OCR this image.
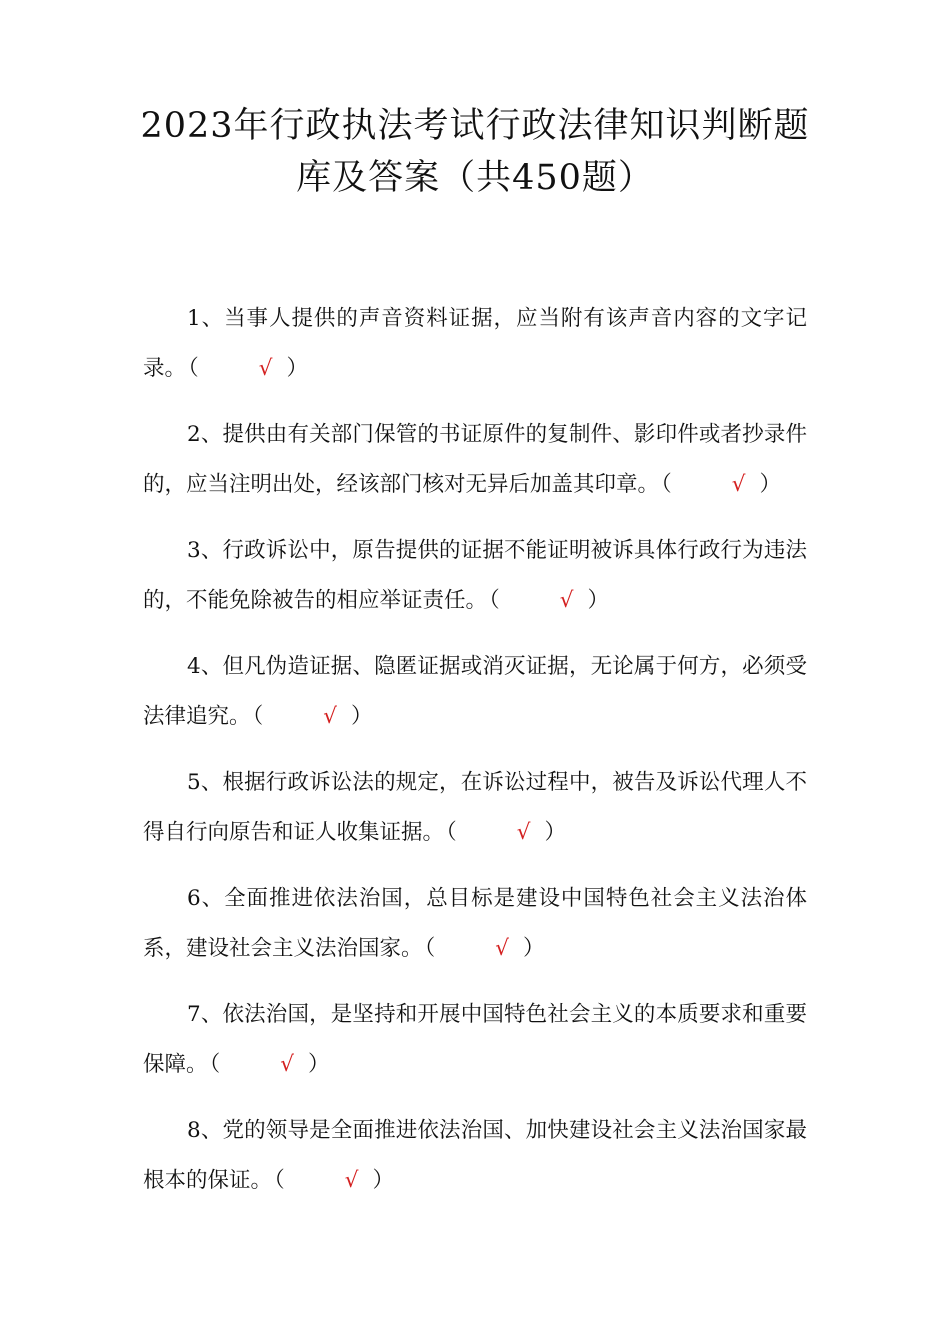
2023年行政执法考试行政法律知识判断题
库及答案（共450题）

1、当事人提供的声音资料证据，应当附有该声音内容的文字记录。（	√ ）

2、提供由有关部门保管的书证原件的复制件、影印件或者抄录件的，应当注明出处，经该部门核对无异后加盖其印章。（	√ ）

3、行政诉讼中，原告提供的证据不能证明被诉具体行政行为违法的，不能免除被告的相应举证责任。（	√ ）

4、但凡伪造证据、隐匿证据或消灭证据，无论属于何方，必须受法律追究。（	√ ）

5、根据行政诉讼法的规定，在诉讼过程中，被告及诉讼代理人不得自行向原告和证人收集证据。（	√ ）

6、全面推进依法治国，总目标是建设中国特色社会主义法治体系，建设社会主义法治国家。（	√ ）

7、依法治国，是坚持和开展中国特色社会主义的本质要求和重要保障。（	√ ）

8、党的领导是全面推进依法治国、加快建设社会主义法治国家最根本的保证。（	√ ）
